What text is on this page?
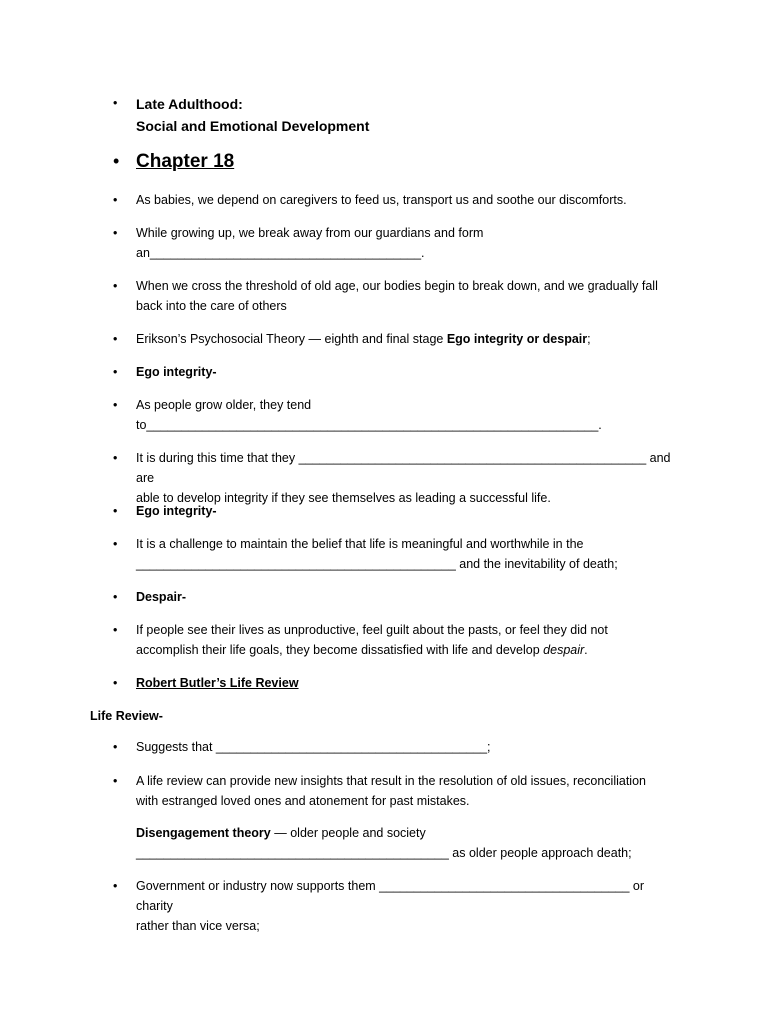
•	Late Adulthood:
Social and Emotional Development
• Chapter 18
•	As babies, we depend on caregivers to feed us, transport us and soothe our discomforts.
•	While growing up, we break away from our guardians and form
an_______________________________________.
•	When we cross the threshold of old age, our bodies begin to break down, and we gradually fall
back into the care of others
•	Erikson’s Psychosocial Theory — eighth and final stage Ego integrity or despair;
•	Ego integrity-
•	As people grow older, they tend
to_________________________________________________________________.
•	It is during this time that they __________________________________________________ and are
able to develop integrity if they see themselves as leading a successful life.
•	Ego integrity-
•	It is a challenge to maintain the belief that life is meaningful and worthwhile in the
______________________________________________ and the inevitability of death;
•	Despair-
•	If people see their lives as unproductive, feel guilt about the pasts, or feel they did not
accomplish their life goals, they become dissatisfied with life and develop despair.
•	Robert Butler’s Life Review
Life Review-
•	Suggests that _______________________________________;
•	A life review can provide new insights that result in the resolution of old issues, reconciliation
with estranged loved ones and atonement for past mistakes.
Disengagement theory — older people and society
_____________________________________________ as older people approach death;
•	Government or industry now supports them ____________________________________ or charity
rather than vice versa;
